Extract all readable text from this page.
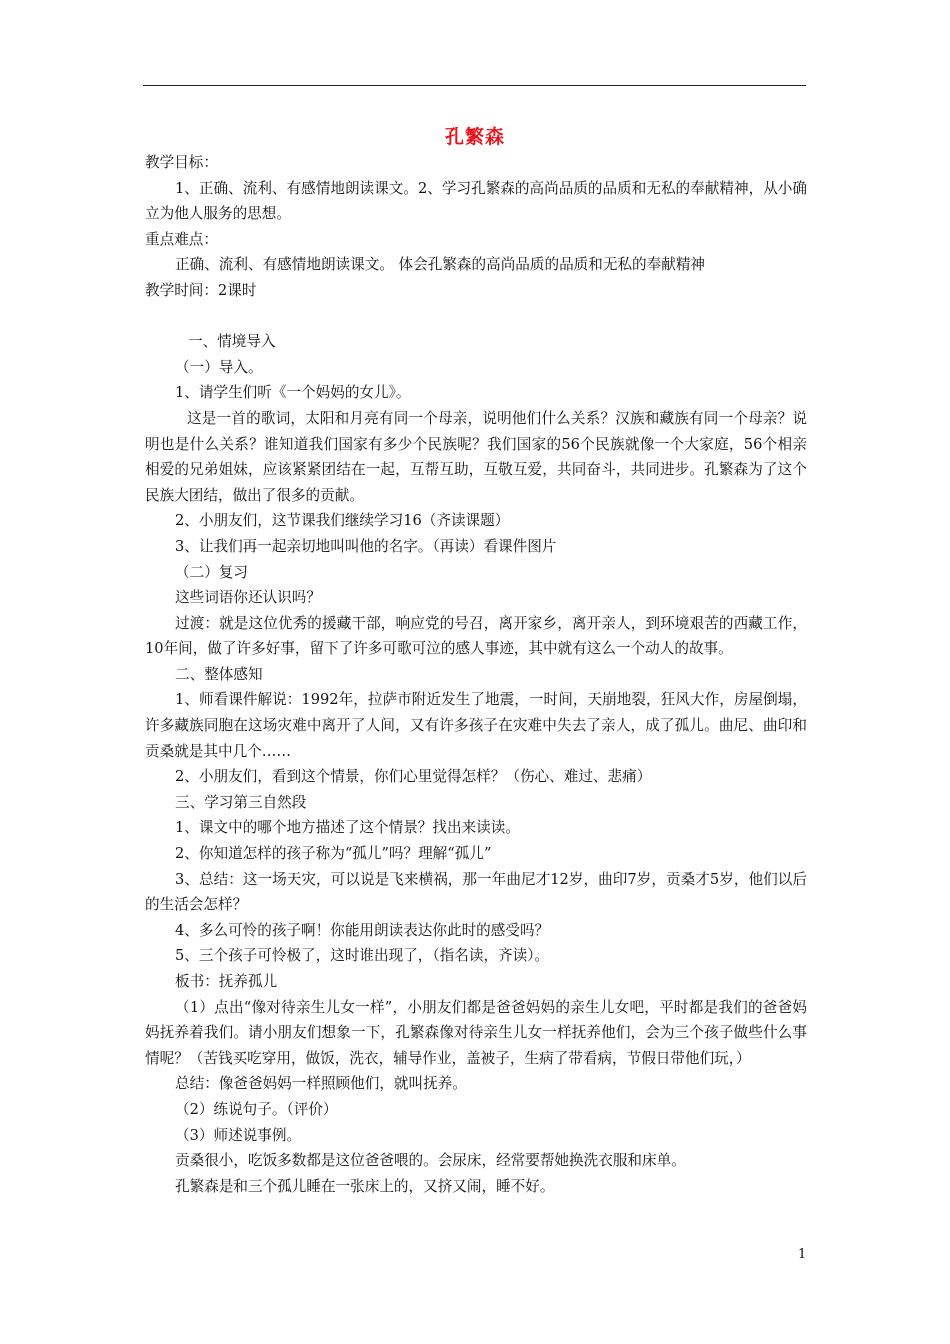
孔繁森

教学目标：

1、正确、流利、有感情地朗读课文。2、学习孔繁森的高尚品质的品质和无私的奉献精神，从小确立为他人服务的思想。

重点难点：

正确、流利、有感情地朗读课文。 体会孔繁森的高尚品质的品质和无私的奉献精神

教学时间：2课时

一、情境导入

（一）导入。

1、请学生们听《一个妈妈的女儿》。

这是一首的歌词，太阳和月亮有同一个母亲，说明他们什么关系？汉族和藏族有同一个母亲？说明也是什么关系？谁知道我们国家有多少个民族呢？我们国家的56个民族就像一个大家庭，56个相亲相爱的兄弟姐妹，应该紧紧团结在一起，互帮互助，互敬互爱，共同奋斗，共同进步。孔繁森为了这个民族大团结，做出了很多的贡献。

2、小朋友们，这节课我们继续学习16（齐读课题）

3、让我们再一起亲切地叫叫他的名字。（再读）看课件图片

（二）复习

这些词语你还认识吗？

过渡：就是这位优秀的援藏干部，响应党的号召，离开家乡，离开亲人，到环境艰苦的西藏工作，10年间，做了许多好事，留下了许多可歌可泣的感人事迹，其中就有这么一个动人的故事。

二、整体感知

1、师看课件解说：1992年，拉萨市附近发生了地震，一时间，天崩地裂，狂风大作，房屋倒塌，许多藏族同胞在这场灾难中离开了人间，又有许多孩子在灾难中失去了亲人，成了孤儿。曲尼、曲印和贡桑就是其中几个……

2、小朋友们，看到这个情景，你们心里觉得怎样？（伤心、难过、悲痛）

三、学习第三自然段

1、课文中的哪个地方描述了这个情景？找出来读读。

2、你知道怎样的孩子称为“孤儿”吗？理解“孤儿”

3、总结：这一场天灾，可以说是飞来横祸，那一年曲尼才12岁，曲印7岁，贡桑才5岁，他们以后的生活会怎样？

4、多么可怜的孩子啊！你能用朗读表达你此时的感受吗？

5、三个孩子可怜极了，这时谁出现了，（指名读，齐读）。

板书：抚养孤儿

（1）点出“像对待亲生儿女一样”，小朋友们都是爸爸妈妈的亲生儿女吧，平时都是我们的爸爸妈妈抚养着我们。请小朋友们想象一下，孔繁森像对待亲生儿女一样抚养他们，会为三个孩子做些什么事情呢？（苦钱买吃穿用，做饭，洗衣，辅导作业，盖被子，生病了带看病，节假日带他们玩，）

总结：像爸爸妈妈一样照顾他们，就叫抚养。

（2）练说句子。（评价）

（3）师述说事例。

贡桑很小，吃饭多数都是这位爸爸喂的。会尿床，经常要帮她换洗衣服和床单。

孔繁森是和三个孤儿睡在一张床上的，又挤又闹，睡不好。

1
